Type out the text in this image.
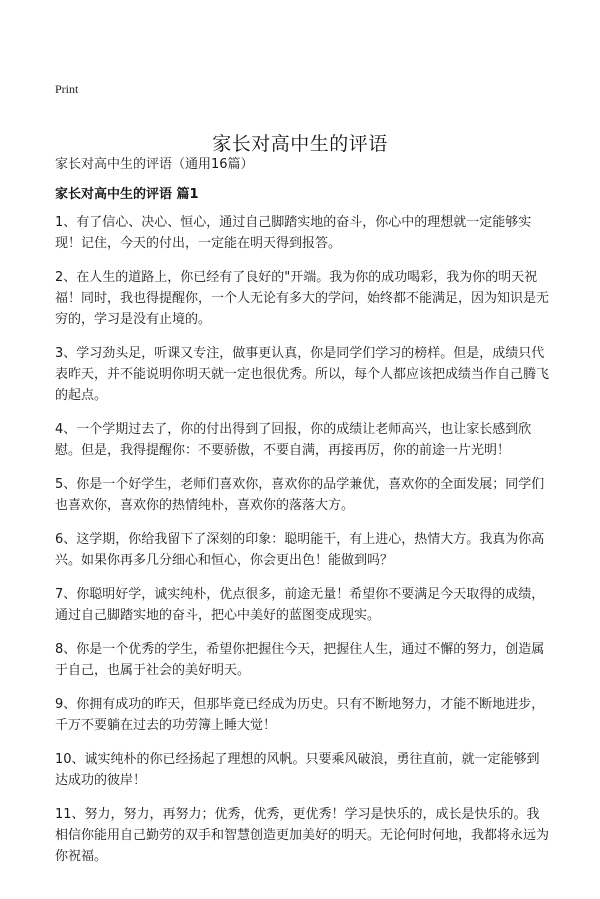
Print
家长对高中生的评语
家长对高中生的评语（通用16篇）
家长对高中生的评语 篇1

1、有了信心、决心、恒心，通过自己脚踏实地的奋斗，你心中的理想就一定能够实现！记住，今天的付出，一定能在明天得到报答。

2、在人生的道路上，你已经有了良好的"开端。我为你的成功喝彩，我为你的明天祝福！同时，我也得提醒你，一个人无论有多大的学问，始终都不能满足，因为知识是无穷的，学习是没有止境的。

3、学习劲头足，听课又专注，做事更认真，你是同学们学习的榜样。但是，成绩只代表昨天，并不能说明你明天就一定也很优秀。所以，每个人都应该把成绩当作自己腾飞的起点。

4、一个学期过去了，你的付出得到了回报，你的成绩让老师高兴，也让家长感到欣慰。但是，我得提醒你：不要骄傲，不要自满，再接再厉，你的前途一片光明！

5、你是一个好学生，老师们喜欢你，喜欢你的品学兼优，喜欢你的全面发展；同学们也喜欢你，喜欢你的热情纯朴，喜欢你的落落大方。

6、这学期，你给我留下了深刻的印象：聪明能干，有上进心，热情大方。我真为你高兴。如果你再多几分细心和恒心，你会更出色！能做到吗？

7、你聪明好学，诚实纯朴，优点很多，前途无量！希望你不要满足今天取得的成绩，通过自己脚踏实地的奋斗，把心中美好的蓝图变成现实。

8、你是一个优秀的学生，希望你把握住今天，把握住人生，通过不懈的努力，创造属于自己，也属于社会的美好明天。

9、你拥有成功的昨天，但那毕竟已经成为历史。只有不断地努力，才能不断地进步，千万不要躺在过去的功劳簿上睡大觉！

10、诚实纯朴的你已经扬起了理想的风帆。只要乘风破浪，勇往直前，就一定能够到达成功的彼岸！

11、努力，努力，再努力；优秀，优秀，更优秀！学习是快乐的，成长是快乐的。我相信你能用自己勤劳的双手和智慧创造更加美好的明天。无论何时何地，我都将永远为你祝福。
